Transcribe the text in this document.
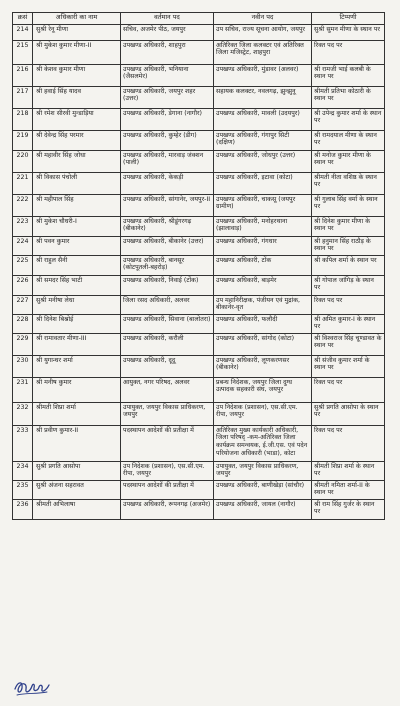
क्रसं	अधिकारी का नाम	वर्तमान पद	नवीन पद	टिप्पणी
214	सुश्री रेनू मीणा	सचिव, अजमेर पीठ, जयपुर	उप सचिव, राज्य सूचना आयोग, जयपुर	सुश्री सुमन मीणा के स्थान पर
215	श्री मुकेश कुमार मीणा-II	उपखण्ड अधिकारी, शाहपुरा	अतिरिक्त जिला कलक्टर एवं अतिरिक्त जिला मजिस्ट्रेट, शाहपुरा	रिक्त पद पर
216	श्री केशव कुमार मीणा	उपखण्ड अधिकारी, भनियाना (जैसलमेर)	उपखण्ड अधिकारी, मुंडावर (अलवर)	श्री रामजी भाई कलबी के स्थान पर
217	श्री हवाई सिंह यादव	उपखण्ड अधिकारी, जयपुर शहर (उत्तर)	सहायक कलक्टर, नवलगढ़, झुन्झुनू	श्रीमती प्रतिभा कोठारी के स्थान पर
218	श्री रमेश सीरवी मुन्डाड़िया	उपखण्ड अधिकारी, डेगाना (नागौर)	उपखण्ड अधिकारी, मावली (उदयपुर)	श्री उपेन्द्र कुमार शर्मा के स्थान पर
219	श्री देवेन्द्र सिंह परमार	उपखण्ड अधिकारी, कुम्हेर (डीग)	उपखण्ड अधिकारी, गंगापुर सिटी (दक्षिण)	श्री रामदयाल मीणा के स्थान पर
220	श्री महावीर सिंह जोधा	उपखण्ड अधिकारी, मारवाड़ जंक्शन (पाली)	उपखण्ड अधिकारी, जोधपुर (उत्तर)	श्री मनोज कुमार मीणा के स्थान पर
221	श्री विकास पंचोली	उपखण्ड अधिकारी, केकड़ी	उपखण्ड अधिकारी, इटावा (कोटा)	श्रीमती नीता वशिष्ठ के स्थान पर
222	श्री महीपाल सिंह	उपखण्ड अधिकारी, सांगानेर, जयपुर-II	उपखण्ड अधिकारी, चाकसू (जयपुर ग्रामीण)	श्री गुलाब सिंह वर्मा के स्थान पर
223	श्री मुकेश चौधरी-I	उपखण्ड अधिकारी, श्रीडूंगरगढ़ (बीकानेर)	उपखण्ड अधिकारी, मनोहरथाना (झालावाड़)	श्री दिनेश कुमार मीणा के स्थान पर
224	श्री पवन कुमार	उपखण्ड अधिकारी, बीकानेर (उत्तर)	उपखण्ड अधिकारी, गंगधार	श्री हनुमान सिंह राठौड़ के स्थान पर
225	श्री राहुल सैनी	उपखण्ड अधिकारी, बानसूर (कोटपूतली-बहरोड़)	उपखण्ड अधिकारी, टोंक	श्री कपिल शर्मा के स्थान पर
226	श्री समदर सिंह भाटी	उपखण्ड अधिकारी, निवाई (टोंक)	उपखण्ड अधिकारी, बाड़मेर	श्री गोपाल जांगिड़ के स्थान पर
227	सुश्री मनीषा लेधा	जिला रसद अधिकारी, अलवर	उप महानिरीक्षक, पंजीयन एवं मुद्रांक, बीकानेर-वृत	रिक्त पद पर
228	श्री दिनेश बिश्नोई	उपखण्ड अधिकारी, सिवाना (बालोतरा)	उपखण्ड अधिकारी, फलौदी	श्री अमित कुमार-I के स्थान पर
229	श्री रामावतार मीणा-III	उपखण्ड अधिकारी, करौली	उपखण्ड अधिकारी, सांगोद (कोटा)	श्री विश्वराज सिंह चूण्डावत के स्थान पर
230	श्री युगान्धर शर्मा	उपखण्ड अधिकारी, दूदू	उपखण्ड अधिकारी, लूणकरणसर (बीकानेर)	श्री संजीव कुमार शर्मा के स्थान पर
231	श्री मनीष कुमार	आयुक्त, नगर परिषद, अलवर	प्रबन्ध निदेशक, जयपुर जिला दुग्ध उत्पादक सहकारी संघ, जयपुर	रिक्त पद पर
232	श्रीमती शिप्रा शर्मा	उपायुक्त, जयपुर विकास प्राधिकरण, जयपुर	उप निदेशक (प्रशासन), एस.सी.एम. रीपा, जयपुर	सुश्री प्रगति आसोपा के स्थान पर
233	श्री प्रवीण कुमार-II	पदस्थापन आदेशों की प्रतीक्षा में	अतिरिक्त मुख्य कार्यकारी अधिकारी, जिला परिषद् -कम-अतिरिक्त जिला कार्यक्रम समन्वयक, ई.जी.एस. एवं पदेन परियोजना अधिकारी (भाडा), कोटा	रिक्त पद पर
234	सुश्री प्रगति आसोपा	उप निदेशक (प्रशासन), एस.सी.एम. रीपा, जयपुर	उपायुक्त, जयपुर विकास प्राधिकरण, जयपुर	श्रीमती शिप्रा शर्मा के स्थान पर
235	सुश्री अंजना सहरावत	पदस्थापन आदेशों की प्रतीक्षा में	उपखण्ड अधिकारी, बाणीखेड़ा (सांचौर)	श्रीमती नमिता शर्मा-II के स्थान पर
236	श्रीमती अभिलाषा	उपखण्ड अधिकारी, रूपनगढ़ (अजमेर)	उपखण्ड अधिकारी, जायल (नागौर)	श्री राम सिंह गुर्जर के स्थान पर
